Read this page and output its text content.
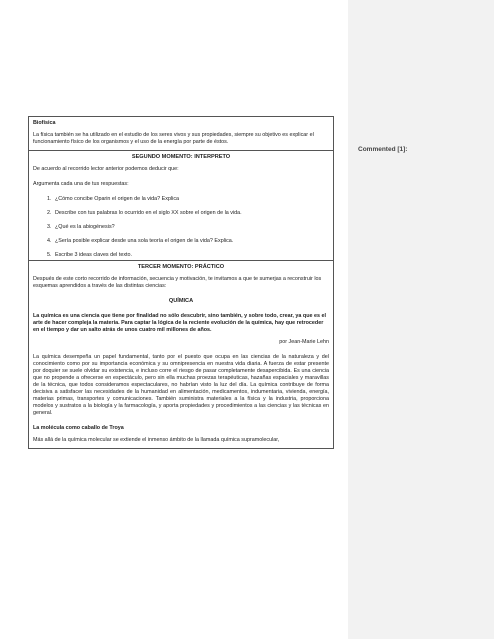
Commented [1]:

Biofísica

La física también se ha utilizado en el estudio de los seres vivos y sus propiedades, siempre su objetivo es explicar el funcionamiento físico de los organismos y el uso de la energía por parte de éstos.

SEGUNDO MOMENTO: INTERPRETO

De acuerdo al recorrido lector anterior podemos deducir que:

Argumenta cada una de tus respuestas:

1. ¿Cómo concibe Oparin el origen de la vida? Explica
2. Describe con tus palabras lo ocurrido en el siglo XX sobre el origen de la vida.
3. ¿Qué es la abiogénesis?
4. ¿Sería posible explicar desde una sola teoría el origen de la vida? Explica.
5. Escribe 3 ideas claves del texto.

TERCER MOMENTO: PRÁCTICO

Después de este corto recorrido de información, secuencia y motivación, te invitamos a que te sumerjas a reconstruir los esquemas aprendidos a través de las distintas ciencias:

QUÍMICA

La química es una ciencia que tiene por finalidad no sólo descubrir, sino también, y sobre todo, crear, ya que es el arte de hacer compleja la materia. Para captar la lógica de la reciente evolución de la química, hay que retroceder en el tiempo y dar un salto atrás de unos cuatro mil millones de años.

por Jean-Marie Lehn

La química desempeña un papel fundamental, tanto por el puesto que ocupa en las ciencias de la naturaleza y del conocimiento como por su importancia económica y su omnipresencia en nuestra vida diaria. A fuerza de estar presente por doquier se suele olvidar su existencia, e incluso corre el riesgo de pasar completamente desapercibida. Es una ciencia que no propende a ofrecerse en espectáculo, pero sin ella muchas proezas terapéuticas, hazañas espaciales y maravillas de la técnica, que todos consideramos espectaculares, no habrían visto la luz del día. La química contribuye de forma decisiva a satisfacer las necesidades de la humanidad en alimentación, medicamentos, indumentaria, vivienda, energía, materias primas, transportes y comunicaciones. También suministra materiales a la física y la industria, proporciona modelos y sustratos a la biología y la farmacología, y aporta propiedades y procedimientos a las ciencias y las técnicas en general.

La molécula como caballo de Troya

Más allá de la química molecular se extiende el inmenso ámbito de la llamada química supramolecular,
